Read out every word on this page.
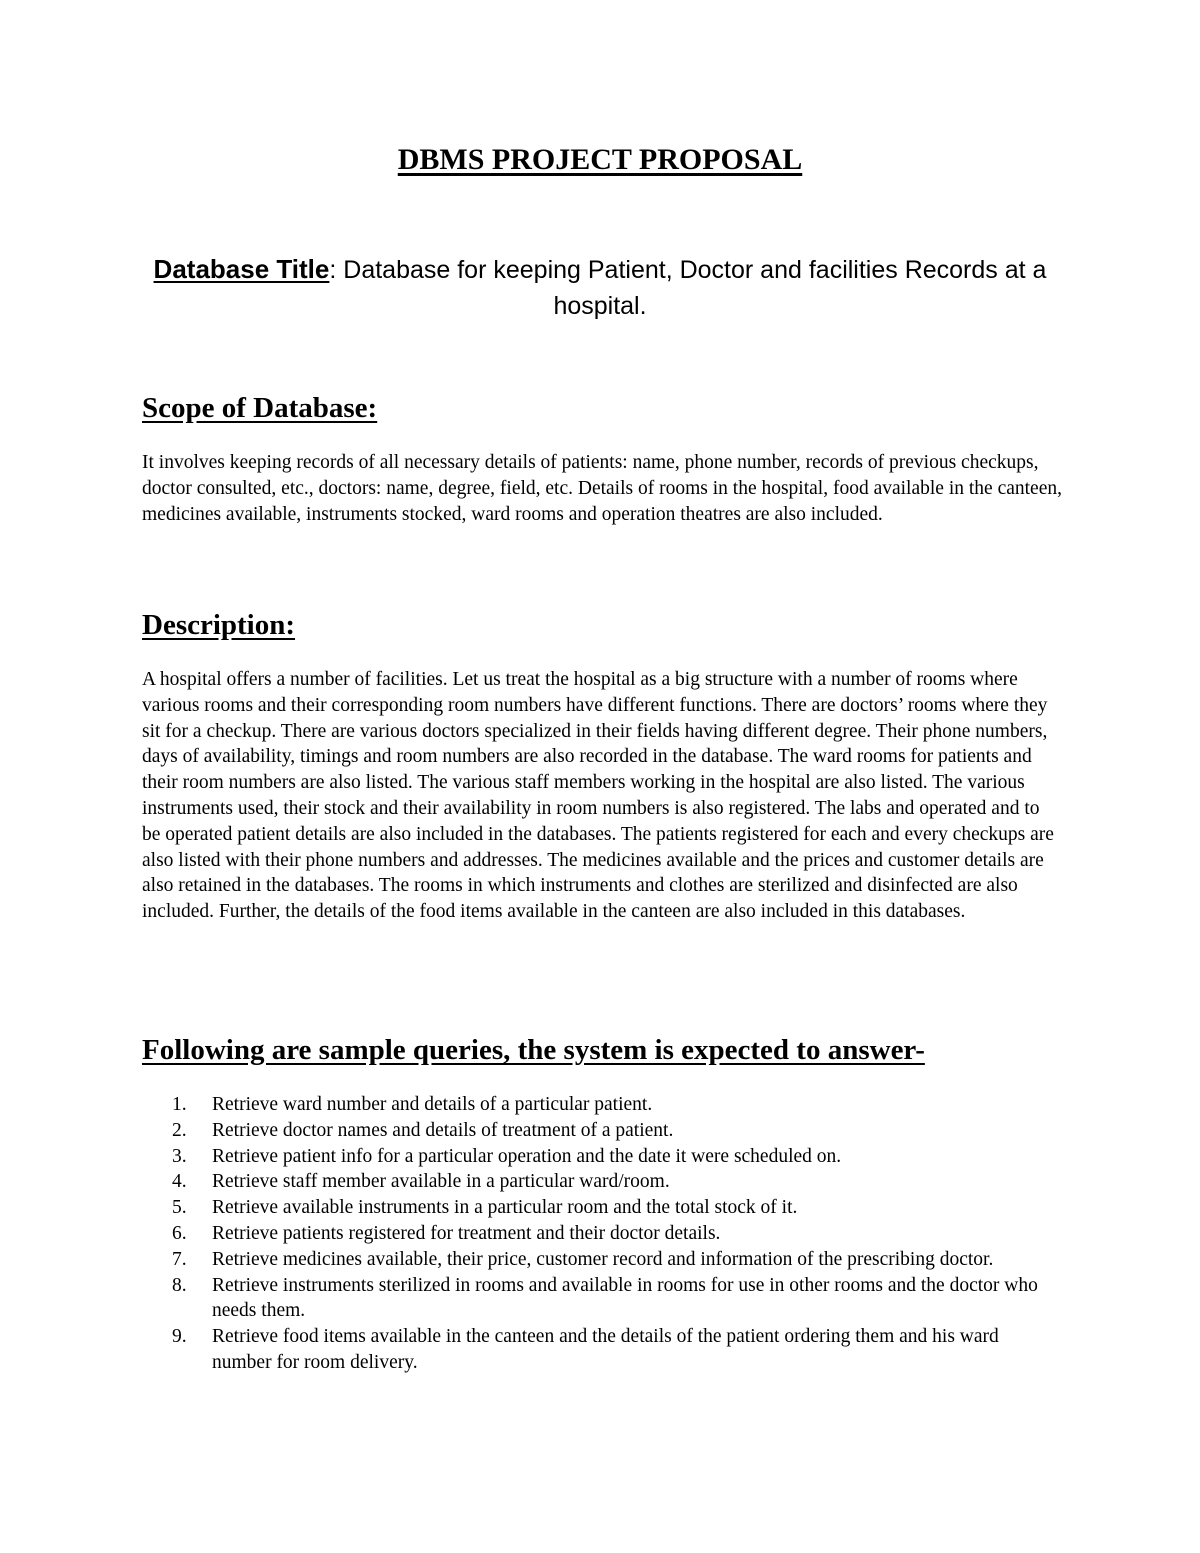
DBMS PROJECT PROPOSAL

Database Title: Database for keeping Patient, Doctor and facilities Records at a hospital.

Scope of Database:

It involves keeping records of all necessary details of patients: name, phone number, records of previous checkups, doctor consulted, etc., doctors: name, degree, field, etc. Details of rooms in the hospital, food available in the canteen, medicines available, instruments stocked, ward rooms and operation theatres are also included.

Description:

A hospital offers a number of facilities. Let us treat the hospital as a big structure with a number of rooms where various rooms and their corresponding room numbers have different functions. There are doctors’ rooms where they sit for a checkup. There are various doctors specialized in their fields having different degree. Their phone numbers, days of availability, timings and room numbers are also recorded in the database. The ward rooms for patients and their room numbers are also listed. The various staff members working in the hospital are also listed. The various instruments used, their stock and their availability in room numbers is also registered. The labs and operated and to be operated patient details are also included in the databases. The patients registered for each and every checkups are also listed with their phone numbers and addresses. The medicines available and the prices and customer details are also retained in the databases. The rooms in which instruments and clothes are sterilized and disinfected are also included. Further, the details of the food items available in the canteen are also included in this databases.

Following are sample queries, the system is expected to answer-
1. Retrieve ward number and details of a particular patient.
2. Retrieve doctor names and details of treatment of a patient.
3. Retrieve patient info for a particular operation and the date it were scheduled on.
4. Retrieve staff member available in a particular ward/room.
5. Retrieve available instruments in a particular room and the total stock of it.
6. Retrieve patients registered for treatment and their doctor details.
7. Retrieve medicines available, their price, customer record and information of the prescribing doctor.
8. Retrieve instruments sterilized in rooms and available in rooms for use in other rooms and the doctor who needs them.
9. Retrieve food items available in the canteen and the details of the patient ordering them and his ward number for room delivery.
